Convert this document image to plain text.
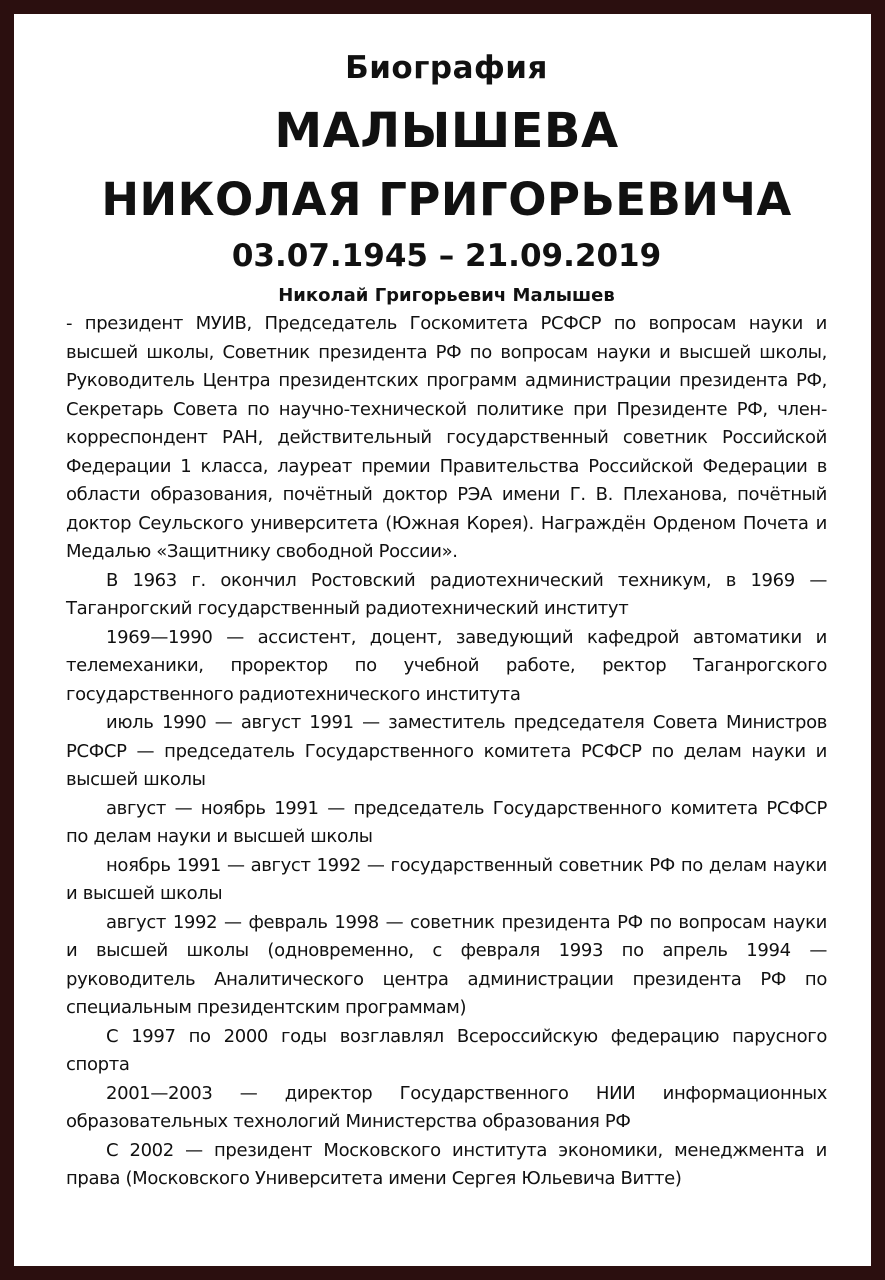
Биография
МАЛЫШЕВА
НИКОЛАЯ ГРИГОРЬЕВИЧА
03.07.1945 – 21.09.2019
Николай Григорьевич Малышев

- президент МУИВ, Председатель Госкомитета РСФСР по вопросам науки и высшей школы, Советник президента РФ по вопросам науки и высшей школы, Руководитель Центра президентских программ администрации президента РФ, Секретарь Совета по научно-технической политике при Президенте РФ, член-корреспондент РАН, действительный государственный советник Российской Федерации 1 класса, лауреат премии Правительства Российской Федерации в области образования, почётный доктор РЭА имени Г. В. Плеханова, почётный доктор Сеульского университета (Южная Корея). Награждён Орденом Почета и Медалью «Защитнику свободной России».

В 1963 г. окончил Ростовский радиотехнический техникум, в 1969 — Таганрогский государственный радиотехнический институт

1969—1990 — ассистент, доцент, заведующий кафедрой автоматики и телемеханики, проректор по учебной работе, ректор Таганрогского государственного радиотехнического института

июль 1990 — август 1991 — заместитель председателя Совета Министров РСФСР — председатель Государственного комитета РСФСР по делам науки и высшей школы

август — ноябрь 1991 — председатель Государственного комитета РСФСР по делам науки и высшей школы

ноябрь 1991 — август 1992 — государственный советник РФ по делам науки и высшей школы

август 1992 — февраль 1998 — советник президента РФ по вопросам науки и высшей школы (одновременно, с февраля 1993 по апрель 1994 — руководитель Аналитического центра администрации президента РФ по специальным президентским программам)

С 1997 по 2000 годы возглавлял Всероссийскую федерацию парусного спорта

2001—2003 — директор Государственного НИИ информационных образовательных технологий Министерства образования РФ

С 2002 — президент Московского института экономики, менеджмента и права (Московского Университета имени Сергея Юльевича Витте)
